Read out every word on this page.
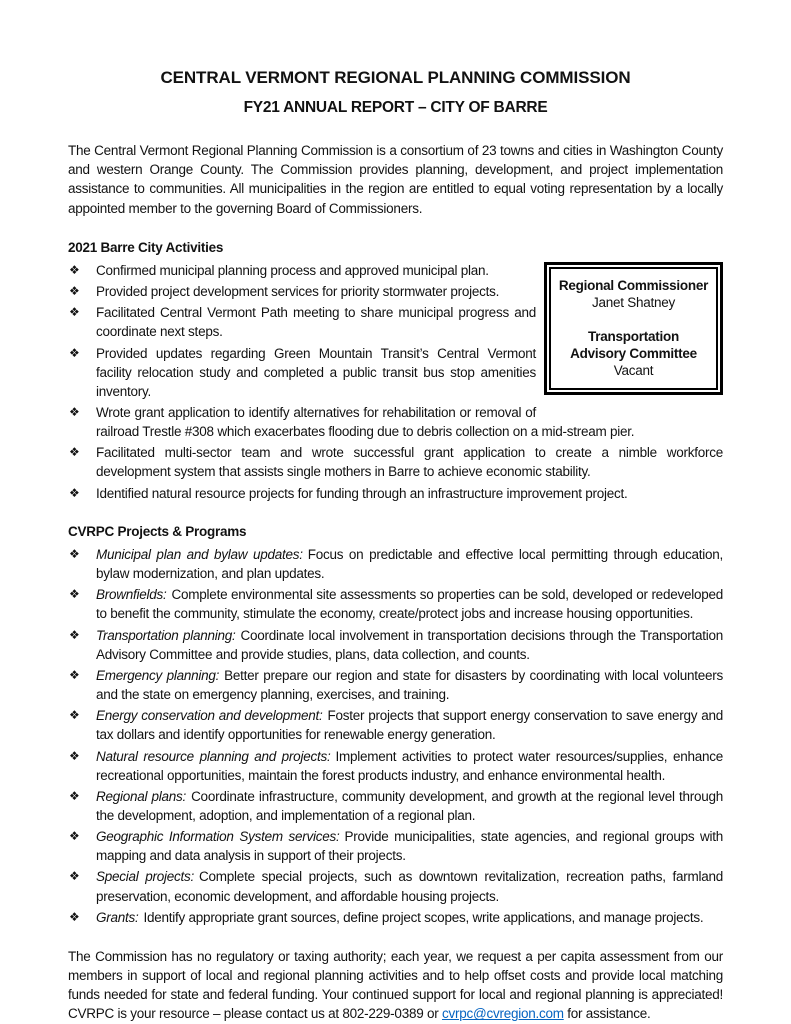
CENTRAL VERMONT REGIONAL PLANNING COMMISSION
FY21 ANNUAL REPORT – CITY OF BARRE

The Central Vermont Regional Planning Commission is a consortium of 23 towns and cities in Washington County and western Orange County. The Commission provides planning, development, and project implementation assistance to communities. All municipalities in the region are entitled to equal voting representation by a locally appointed member to the governing Board of Commissioners.

2021 Barre City Activities
Regional Commissioner
Janet Shatney
Transportation
Advisory Committee
Vacant
❖ Confirmed municipal planning process and approved municipal plan.
❖ Provided project development services for priority stormwater projects.
❖ Facilitated Central Vermont Path meeting to share municipal progress and coordinate next steps.
❖ Provided updates regarding Green Mountain Transit’s Central Vermont facility relocation study and completed a public transit bus stop amenities inventory.
❖ Wrote grant application to identify alternatives for rehabilitation or removal of railroad Trestle #308 which exacerbates flooding due to debris collection on a mid-stream pier.
❖ Facilitated multi-sector team and wrote successful grant application to create a nimble workforce development system that assists single mothers in Barre to achieve economic stability.
❖ Identified natural resource projects for funding through an infrastructure improvement project.
CVRPC Projects & Programs
❖ Municipal plan and bylaw updates: Focus on predictable and effective local permitting through education, bylaw modernization, and plan updates.
❖ Brownfields: Complete environmental site assessments so properties can be sold, developed or redeveloped to benefit the community, stimulate the economy, create/protect jobs and increase housing opportunities.
❖ Transportation planning: Coordinate local involvement in transportation decisions through the Transportation Advisory Committee and provide studies, plans, data collection, and counts.
❖ Emergency planning: Better prepare our region and state for disasters by coordinating with local volunteers and the state on emergency planning, exercises, and training.
❖ Energy conservation and development: Foster projects that support energy conservation to save energy and tax dollars and identify opportunities for renewable energy generation.
❖ Natural resource planning and projects: Implement activities to protect water resources/supplies, enhance recreational opportunities, maintain the forest products industry, and enhance environmental health.
❖ Regional plans: Coordinate infrastructure, community development, and growth at the regional level through the development, adoption, and implementation of a regional plan.
❖ Geographic Information System services: Provide municipalities, state agencies, and regional groups with mapping and data analysis in support of their projects.
❖ Special projects: Complete special projects, such as downtown revitalization, recreation paths, farmland preservation, economic development, and affordable housing projects.
❖ Grants: Identify appropriate grant sources, define project scopes, write applications, and manage projects.

The Commission has no regulatory or taxing authority; each year, we request a per capita assessment from our members in support of local and regional planning activities and to help offset costs and provide local matching funds needed for state and federal funding. Your continued support for local and regional planning is appreciated! CVRPC is your resource – please contact us at 802-229-0389 or cvrpc@cvregion.com for assistance.
